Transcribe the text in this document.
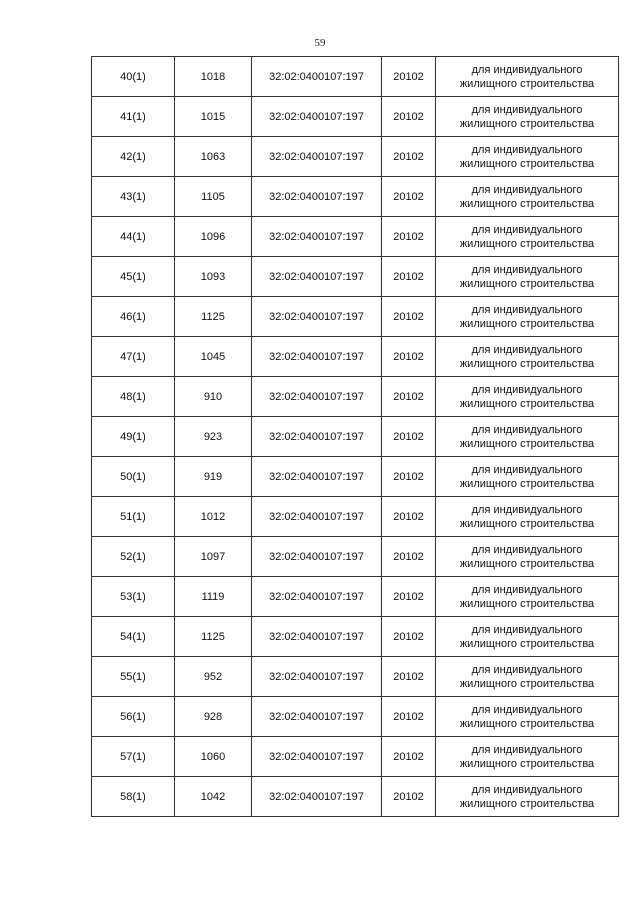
59
40(1)	1018	32:02:0400107:197	20102	для индивидуального
жилищного строительства

41(1)	1015	32:02:0400107:197	20102	для индивидуального
жилищного строительства

42(1)	1063	32:02:0400107:197	20102	для индивидуального
жилищного строительства

43(1)	1105	32:02:0400107:197	20102	для индивидуального
жилищного строительства

44(1)	1096	32:02:0400107:197	20102	для индивидуального
жилищного строительства

45(1)	1093	32:02:0400107:197	20102	для индивидуального
жилищного строительства

46(1)	1125	32:02:0400107:197	20102	для индивидуального
жилищного строительства

47(1)	1045	32:02:0400107:197	20102	для индивидуального
жилищного строительства

48(1)	910	32:02:0400107:197	20102	для индивидуального
жилищного строительства

49(1)	923	32:02:0400107:197	20102	для индивидуального
жилищного строительства

50(1)	919	32:02:0400107:197	20102	для индивидуального
жилищного строительства

51(1)	1012	32:02:0400107:197	20102	для индивидуального
жилищного строительства

52(1)	1097	32:02:0400107:197	20102	для индивидуального
жилищного строительства

53(1)	1119	32:02:0400107:197	20102	для индивидуального
жилищного строительства

54(1)	1125	32:02:0400107:197	20102	для индивидуального
жилищного строительства

55(1)	952	32:02:0400107:197	20102	для индивидуального
жилищного строительства

56(1)	928	32:02:0400107:197	20102	для индивидуального
жилищного строительства

57(1)	1060	32:02:0400107:197	20102	для индивидуального
жилищного строительства

58(1)	1042	32:02:0400107:197	20102	для индивидуального
жилищного строительства
